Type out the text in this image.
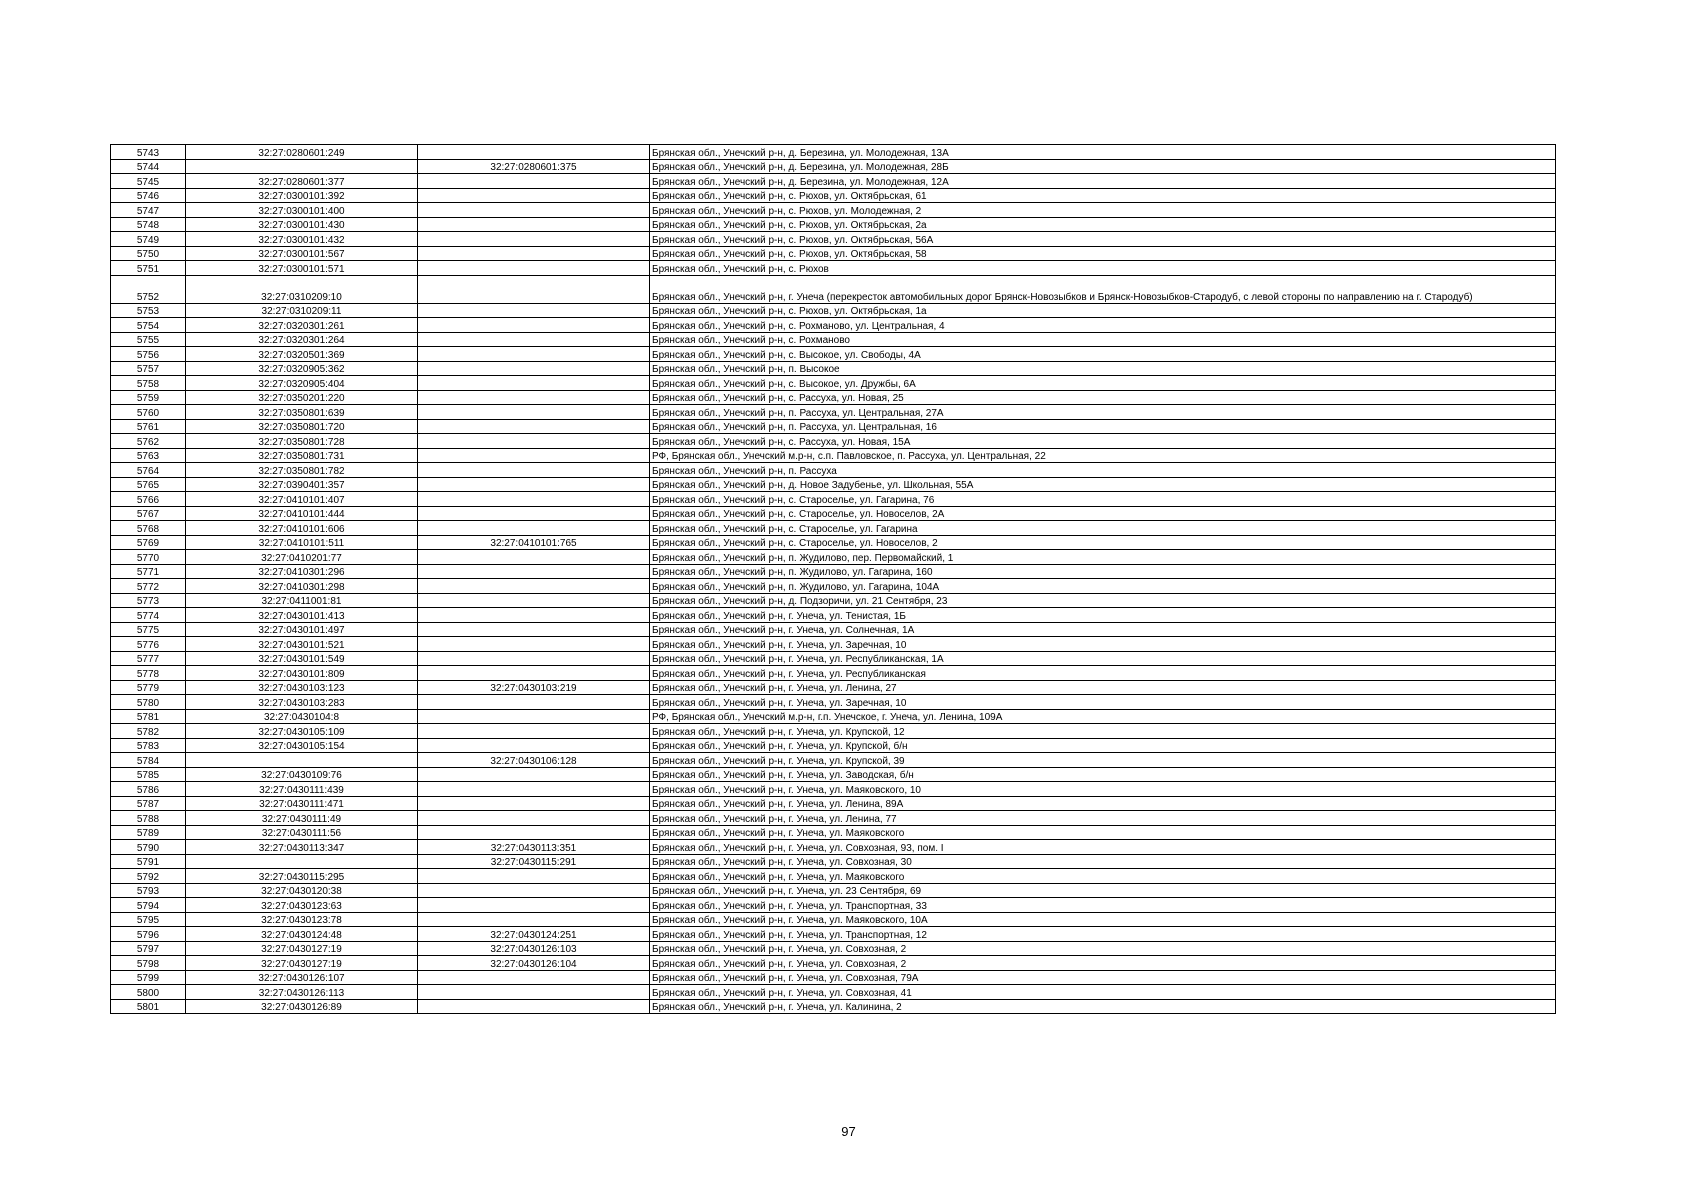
5743	32:27:0280601:249		Брянская обл., Унечский р-н, д. Березина, ул. Молодежная, 13А
5744		32:27:0280601:375	Брянская обл., Унечский р-н, д. Березина, ул. Молодежная, 28Б
5745	32:27:0280601:377		Брянская обл., Унечский р-н, д. Березина, ул. Молодежная, 12А
5746	32:27:0300101:392		Брянская обл., Унечский р-н, с. Рюхов, ул. Октябрьская, 61
5747	32:27:0300101:400		Брянская обл., Унечский р-н, с. Рюхов, ул. Молодежная, 2
5748	32:27:0300101:430		Брянская обл., Унечский р-н, с. Рюхов, ул. Октябрьская, 2а
5749	32:27:0300101:432		Брянская обл., Унечский р-н, с. Рюхов, ул. Октябрьская, 56А
5750	32:27:0300101:567		Брянская обл., Унечский р-н, с. Рюхов, ул. Октябрьская, 58
5751	32:27:0300101:571		Брянская обл., Унечский р-н, с. Рюхов
5752	32:27:0310209:10		Брянская обл., Унечский р-н, г. Унеча (перекресток автомобильных дорог Брянск-Новозыбков и Брянск-Новозыбков-Стародуб, с левой стороны по направлению на г. Стародуб)
5753	32:27:0310209:11		Брянская обл., Унечский р-н, с. Рюхов, ул. Октябрьская, 1а
5754	32:27:0320301:261		Брянская обл., Унечский р-н, с. Рохманово, ул. Центральная, 4
5755	32:27:0320301:264		Брянская обл., Унечский р-н, с. Рохманово
5756	32:27:0320501:369		Брянская обл., Унечский р-н, с. Высокое, ул. Свободы, 4А
5757	32:27:0320905:362		Брянская обл., Унечский р-н, п. Высокое
5758	32:27:0320905:404		Брянская обл., Унечский р-н, с. Высокое, ул. Дружбы, 6А
5759	32:27:0350201:220		Брянская обл., Унечский р-н, с. Рассуха, ул. Новая, 25
5760	32:27:0350801:639		Брянская обл., Унечский р-н, п. Рассуха, ул. Центральная, 27А
5761	32:27:0350801:720		Брянская обл., Унечский р-н, п. Рассуха, ул. Центральная, 16
5762	32:27:0350801:728		Брянская обл., Унечский р-н, с. Рассуха, ул. Новая, 15А
5763	32:27:0350801:731		РФ, Брянская обл., Унечский м.р-н, с.п. Павловское, п. Рассуха, ул. Центральная, 22
5764	32:27:0350801:782		Брянская обл., Унечский р-н, п. Рассуха
5765	32:27:0390401:357		Брянская обл., Унечский р-н, д. Новое Задубенье, ул. Школьная, 55А
5766	32:27:0410101:407		Брянская обл., Унечский р-н, с. Староселье, ул. Гагарина, 76
5767	32:27:0410101:444		Брянская обл., Унечский р-н, с. Староселье, ул. Новоселов, 2А
5768	32:27:0410101:606		Брянская обл., Унечский р-н, с. Староселье, ул. Гагарина
5769	32:27:0410101:511	32:27:0410101:765	Брянская обл., Унечский р-н, с. Староселье, ул. Новоселов, 2
5770	32:27:0410201:77		Брянская обл., Унечский р-н, п. Жудилово, пер. Первомайский, 1
5771	32:27:0410301:296		Брянская обл., Унечский р-н, п. Жудилово, ул. Гагарина, 160
5772	32:27:0410301:298		Брянская обл., Унечский р-н, п. Жудилово, ул. Гагарина, 104А
5773	32:27:0411001:81		Брянская обл., Унечский р-н, д. Подзоричи, ул. 21 Сентября, 23
5774	32:27:0430101:413		Брянская обл., Унечский р-н, г. Унеча, ул. Тенистая, 1Б
5775	32:27:0430101:497		Брянская обл., Унечский р-н, г. Унеча, ул. Солнечная, 1А
5776	32:27:0430101:521		Брянская обл., Унечский р-н, г. Унеча, ул. Заречная, 10
5777	32:27:0430101:549		Брянская обл., Унечский р-н, г. Унеча, ул. Республиканская, 1А
5778	32:27:0430101:809		Брянская обл., Унечский р-н, г. Унеча, ул. Республиканская
5779	32:27:0430103:123	32:27:0430103:219	Брянская обл., Унечский р-н, г. Унеча, ул. Ленина, 27
5780	32:27:0430103:283		Брянская обл., Унечский р-н, г. Унеча, ул. Заречная, 10
5781	32:27:0430104:8		РФ, Брянская обл., Унечский м.р-н, г.п. Унечское, г. Унеча, ул. Ленина, 109А
5782	32:27:0430105:109		Брянская обл., Унечский р-н, г. Унеча, ул. Крупской, 12
5783	32:27:0430105:154		Брянская обл., Унечский р-н, г. Унеча, ул. Крупской, б/н
5784		32:27:0430106:128	Брянская обл., Унечский р-н, г. Унеча, ул. Крупской, 39
5785	32:27:0430109:76		Брянская обл., Унечский р-н, г. Унеча, ул. Заводская, б/н
5786	32:27:0430111:439		Брянская обл., Унечский р-н, г. Унеча, ул. Маяковского, 10
5787	32:27:0430111:471		Брянская обл., Унечский р-н, г. Унеча, ул. Ленина, 89А
5788	32:27:0430111:49		Брянская обл., Унечский р-н, г. Унеча, ул. Ленина, 77
5789	32:27:0430111:56		Брянская обл., Унечский р-н, г. Унеча, ул. Маяковского
5790	32:27:0430113:347	32:27:0430113:351	Брянская обл., Унечский р-н, г. Унеча, ул. Совхозная, 93, пом. I
5791		32:27:0430115:291	Брянская обл., Унечский р-н, г. Унеча, ул. Совхозная, 30
5792	32:27:0430115:295		Брянская обл., Унечский р-н, г. Унеча, ул. Маяковского
5793	32:27:0430120:38		Брянская обл., Унечский р-н, г. Унеча, ул. 23 Сентября, 69
5794	32:27:0430123:63		Брянская обл., Унечский р-н, г. Унеча, ул. Транспортная, 33
5795	32:27:0430123:78		Брянская обл., Унечский р-н, г. Унеча, ул. Маяковского, 10А
5796	32:27:0430124:48	32:27:0430124:251	Брянская обл., Унечский р-н, г. Унеча, ул. Транспортная, 12
5797	32:27:0430127:19	32:27:0430126:103	Брянская обл., Унечский р-н, г. Унеча, ул. Совхозная, 2
5798	32:27:0430127:19	32:27:0430126:104	Брянская обл., Унечский р-н, г. Унеча, ул. Совхозная, 2
5799	32:27:0430126:107		Брянская обл., Унечский р-н, г. Унеча, ул. Совхозная, 79А
5800	32:27:0430126:113		Брянская обл., Унечский р-н, г. Унеча, ул. Совхозная, 41
5801	32:27:0430126:89		Брянская обл., Унечский р-н, г. Унеча, ул. Калинина, 2
97
